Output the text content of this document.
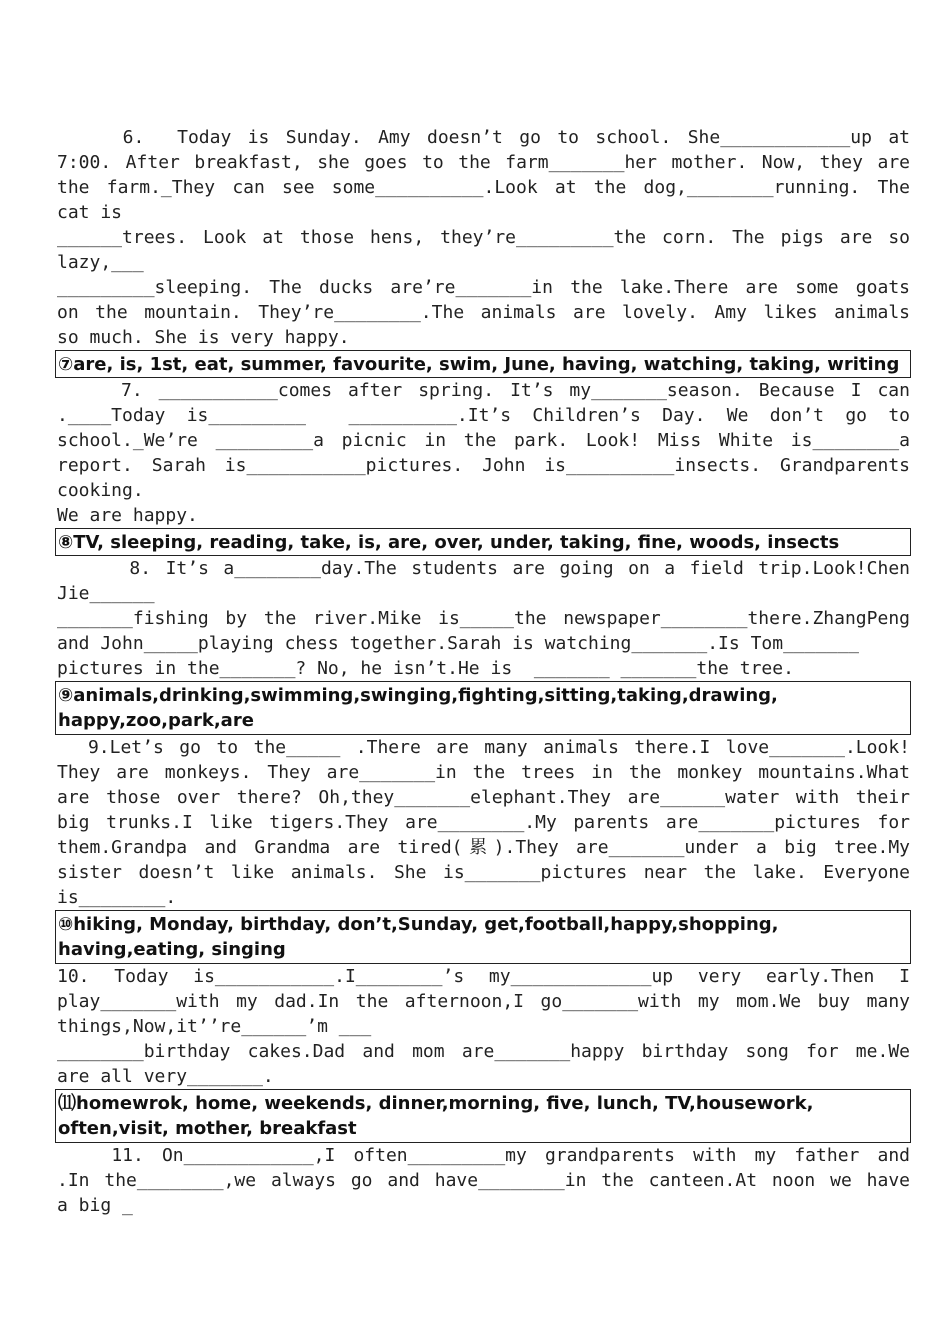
6.  Today is Sunday. Amy doesn’t go to school. She____________up at
7:00. After breakfast, she goes to the farm_______her mother. Now, they are
the farm._They can see some__________.Look at the dog,________running. The
cat is
______trees. Look at those hens, they’re_________the corn. The pigs are so
lazy,___
_________sleeping. The ducks are’re_______in the lake.There are some goats
on the mountain. They’re________.The animals are lovely. Amy likes animals
so much. She is very happy.
⑦are, is, 1st, eat, summer, favourite, swim, June, having, watching, taking, writing
7. ___________comes after spring. It’s my_______season. Because I can
.____Today is_________  __________.It’s Children’s Day. We don’t go to
school._We’re _________a picnic in the park. Look! Miss White is________a
report. Sarah is___________pictures. John is__________insects. Grandparents
cooking.
We are happy.
⑧TV, sleeping, reading, take, is, are, over, under, taking, fine, woods, insects
8. It’s a________day.The students are going on a field trip.Look!Chen
Jie______
_______fishing by the river.Mike is_____the newspaper________there.ZhangPeng
and John_____playing chess together.Sarah is watching_______.Is Tom_______
pictures in the_______? No, he isn’t.He is  _______ _______the tree.
⑨animals,drinking,swimming,swinging,fighting,sitting,taking,drawing,
happy,zoo,park,are
9.Let’s go to the_____ .There are many animals there.I love_______.Look!
They are monkeys. They are_______in the trees in the monkey mountains.What
are those over there? Oh,they_______elephant.They are______water with their
big trunks.I like tigers.They are________.My parents are_______pictures for
them.Grandpa and Grandma are tired(累).They are_______under a big tree.My
sister doesn’t like animals. She is_______pictures near the lake. Everyone
is________.
⑩hiking, Monday, birthday, don’t,Sunday, get,football,happy,shopping,
having,eating, singing
10. Today is___________.I________’s my_____________up very early.Then I
play_______with my dad.In the afternoon,I go_______with my mom.We buy many
things,Now,it’’re______’m ___
________birthday cakes.Dad and mom are_______happy birthday song for me.We
are all very_______.
⑾homewrok, home, weekends, dinner,morning, five, lunch, TV,housework,
often,visit, mother, breakfast
11. On____________,I often_________my grandparents with my father and
.In the________,we always go and have________in the canteen.At noon we have
a big _
